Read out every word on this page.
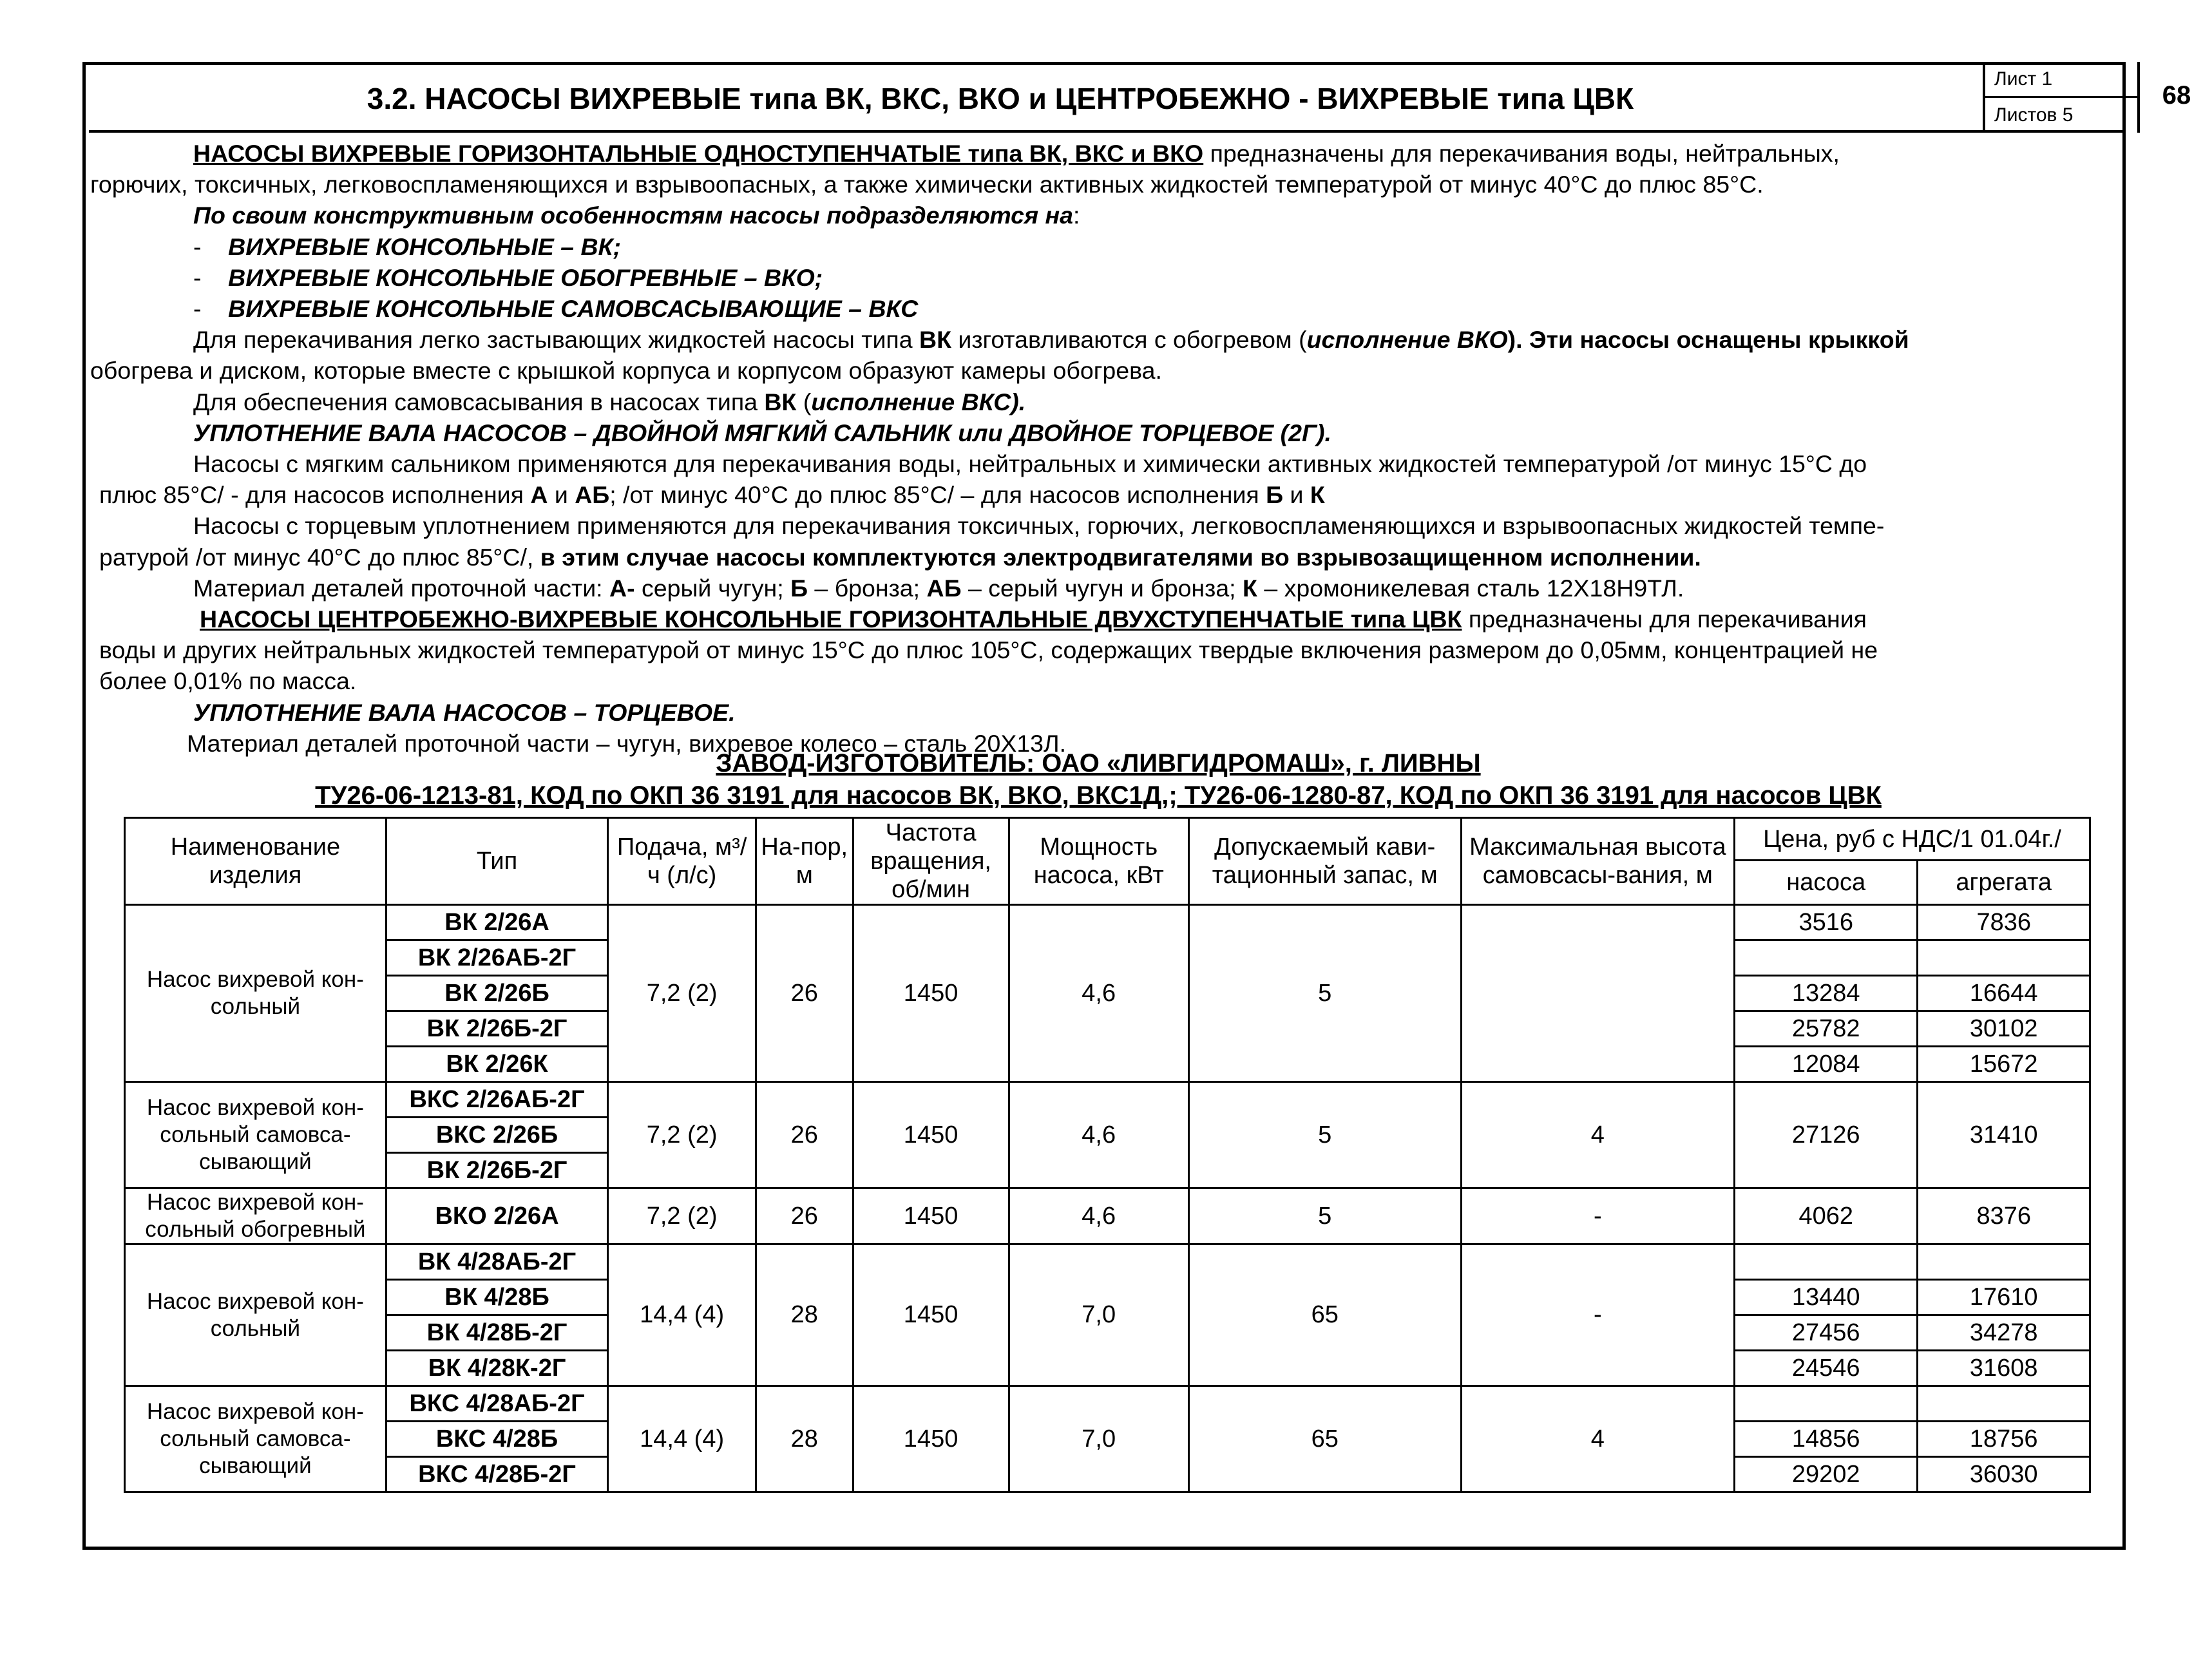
3.2. НАСОСЫ ВИХРЕВЫЕ типа ВК, ВКС, ВКО и ЦЕНТРОБЕЖНО - ВИХРЕВЫЕ типа ЦВК
Лист 1
Листов 5
68

НАСОСЫ ВИХРЕВЫЕ ГОРИЗОНТАЛЬНЫЕ ОДНОСТУПЕНЧАТЫЕ типа ВК, ВКС и ВКО предназначены для перекачивания воды, нейтральных,

горючих, токсичных, легковоспламеняющихся и взрывоопасных, а также химически активных жидкостей температурой от минус 40°С до плюс 85°С.

По своим конструктивным особенностям насосы подразделяются на:

-    ВИХРЕВЫЕ КОНСОЛЬНЫЕ – ВК;

-    ВИХРЕВЫЕ КОНСОЛЬНЫЕ ОБОГРЕВНЫЕ – ВКО;

-    ВИХРЕВЫЕ КОНСОЛЬНЫЕ САМОВСАСЫВАЮЩИЕ – ВКС

Для перекачивания легко застывающих жидкостей насосы типа ВК изготавливаются с обогревом (исполнение ВКО). Эти насосы оснащены крыккой

обогрева и диском, которые вместе с крышкой корпуса и корпусом образуют камеры обогрева.

Для обеспечения самовсасывания в насосах типа ВК (исполнение ВКС).

УПЛОТНЕНИЕ ВАЛА НАСОСОВ – ДВОЙНОЙ МЯГКИЙ САЛЬНИК или ДВОЙНОЕ ТОРЦЕВОЕ (2Г).

Насосы с мягким сальником применяются для перекачивания воды, нейтральных и химически активных жидкостей температурой /от минус 15°С до

плюс 85°С/ - для насосов исполнения А и АБ; /от минус 40°С до плюс 85°С/ – для насосов исполнения Б и К

Насосы с торцевым уплотнением применяются для перекачивания токсичных, горючих, легковоспламеняющихся и взрывоопасных жидкостей темпе-

ратурой /от минус 40°С до плюс 85°С/, в этим случае насосы комплектуются электродвигателями во взрывозащищенном исполнении.

Материал деталей проточной части: А- серый чугун; Б – бронза; АБ – серый чугун и бронза; К – хромоникелевая сталь 12Х18Н9ТЛ.

НАСОСЫ ЦЕНТРОБЕЖНО-ВИХРЕВЫЕ КОНСОЛЬНЫЕ ГОРИЗОНТАЛЬНЫЕ ДВУХСТУПЕНЧАТЫЕ типа ЦВК предназначены для перекачивания

воды и других нейтральных жидкостей температурой от минус 15°С до плюс 105°С, содержащих твердые включения размером до 0,05мм, концентрацией не

более 0,01% по масса.

УПЛОТНЕНИЕ ВАЛА НАСОСОВ – ТОРЦЕВОЕ.

Материал деталей проточной части – чугун, вихревое колесо – сталь 20Х13Л.

ЗАВОД-ИЗГОТОВИТЕЛЬ: ОАО «ЛИВГИДРОМАШ», г. ЛИВНЫ
ТУ26-06-1213-81, КОД по ОКП 36 3191 для насосов ВК, ВКО, ВКС1Д,; ТУ26-06-1280-87, КОД по ОКП 36 3191 для насосов ЦВК
Наименование изделия	Тип	Подача, м³/ч (л/с)	На-пор, м	Частота вращения, об/мин	Мощность насоса, кВт	Допускаемый кави-тационный запас, м	Максимальная высота самовсасы-вания, м	Цена, руб с НДС/1 01.04г./	
								насоса	агрегата
Насос вихревой кон-сольный	ВК 2/26А	7,2 (2)	26	1450	4,6	5		3516	7836
	ВК 2/26АБ-2Г								
	ВК 2/26Б							13284	16644
	ВК 2/26Б-2Г							25782	30102
	ВК 2/26К							12084	15672
Насос вихревой кон-сольный самовса-сывающий	ВКС 2/26АБ-2Г	7,2 (2)	26	1450	4,6	5	4	27126	31410
	ВКС 2/26Б								
	ВК 2/26Б-2Г								
Насос вихревой кон-сольный обогревный	ВКО 2/26А	7,2 (2)	26	1450	4,6	5	-	4062	8376
Насос вихревой кон-сольный	ВК 4/28АБ-2Г	14,4 (4)	28	1450	7,0	65	-		
	ВК 4/28Б							13440	17610
	ВК 4/28Б-2Г							27456	34278
	ВК 4/28К-2Г							24546	31608
Насос вихревой кон-сольный самовса-сывающий	ВКС 4/28АБ-2Г	14,4 (4)	28	1450	7,0	65	4		
	ВКС 4/28Б							14856	18756
	ВКС 4/28Б-2Г							29202	36030
